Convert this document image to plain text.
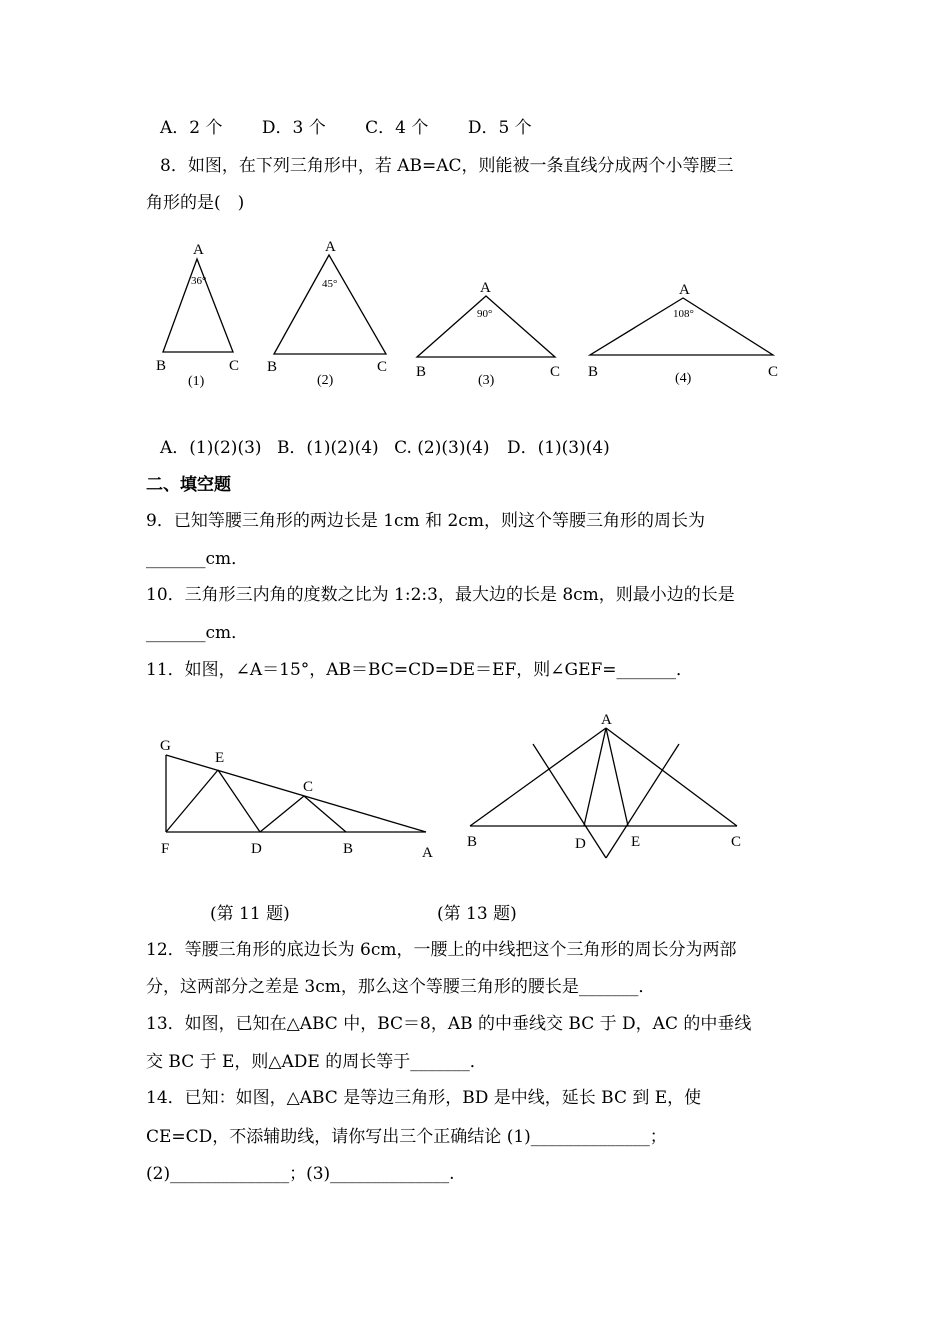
A．2 个 D．3 个 C．4 个 D．5 个
8．如图，在下列三角形中，若 AB=AC，则能被一条直线分成两个小等腰三
角形的是(　)
A
36°
B	C
(1)
A
45°
B	C
(2)
A
90°
B	C
(3)
A
108°
B	C
(4)
A．(1)(2)(3) B．(1)(2)(4) C. (2)(3)(4) D．(1)(3)(4)
二、填空题
9．已知等腰三角形的两边长是 1cm 和 2cm，则这个等腰三角形的周长为
_______cm．
10．三角形三内角的度数之比为 1:2:3，最大边的长是 8cm，则最小边的长是
_______cm．
11．如图，∠A＝15°，AB＝BC=CD=DE＝EF，则∠GEF=_______．
G
E
C
F	D	B	A
A
B	D	E	C
(第 11 题)	(第 13 题)
12．等腰三角形的底边长为 6cm，一腰上的中线把这个三角形的周长分为两部
分，这两部分之差是 3cm，那么这个等腰三角形的腰长是_______．
13．如图，已知在△ABC 中，BC＝8，AB 的中垂线交 BC 于 D，AC 的中垂线
交 BC 于 E，则△ADE 的周长等于_______．
14．已知：如图，△ABC 是等边三角形，BD 是中线，延长 BC 到 E，使
CE=CD，不添辅助线，请你写出三个正确结论 (1)______________；
(2)______________；(3)______________.
